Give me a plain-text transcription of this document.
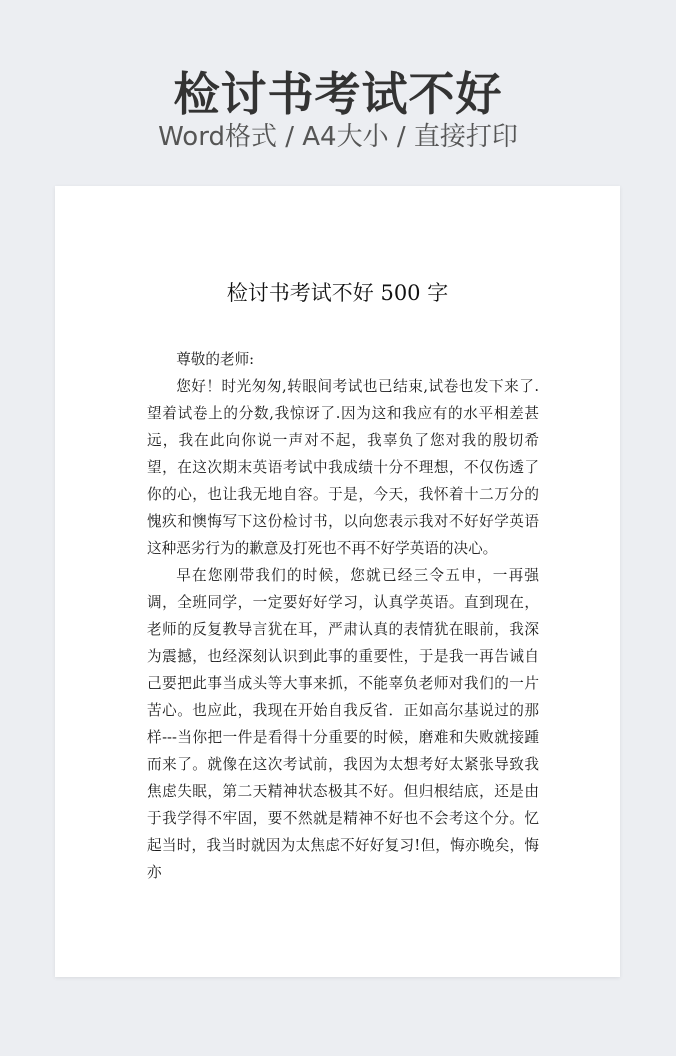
检讨书考试不好
Word格式 / A4大小 / 直接打印
检讨书考试不好 500 字

尊敬的老师:

您好！时光匆匆,转眼间考试也已结束,试卷也发下来了.望着试卷上的分数,我惊讶了.因为这和我应有的水平相差甚远，我在此向你说一声对不起，我辜负了您对我的殷切希望，在这次期末英语考试中我成绩十分不理想，不仅伤透了你的心，也让我无地自容。于是，今天，我怀着十二万分的愧疚和懊悔写下这份检讨书，以向您表示我对不好好学英语这种恶劣行为的歉意及打死也不再不好学英语的决心。

早在您刚带我们的时候，您就已经三令五申，一再强调，全班同学，一定要好好学习，认真学英语。直到现在，老师的反复教导言犹在耳，严肃认真的表情犹在眼前，我深为震撼，也经深刻认识到此事的重要性，于是我一再告诫自己要把此事当成头等大事来抓，不能辜负老师对我们的一片苦心。也应此，我现在开始自我反省．正如高尔基说过的那样---当你把一件是看得十分重要的时候，磨难和失败就接踵而来了。就像在这次考试前，我因为太想考好太紧张导致我焦虑失眠，第二天精神状态极其不好。但归根结底，还是由于我学得不牢固，要不然就是精神不好也不会考这个分。忆起当时，我当时就因为太焦虑不好好复习!但，悔亦晚矣，悔亦
